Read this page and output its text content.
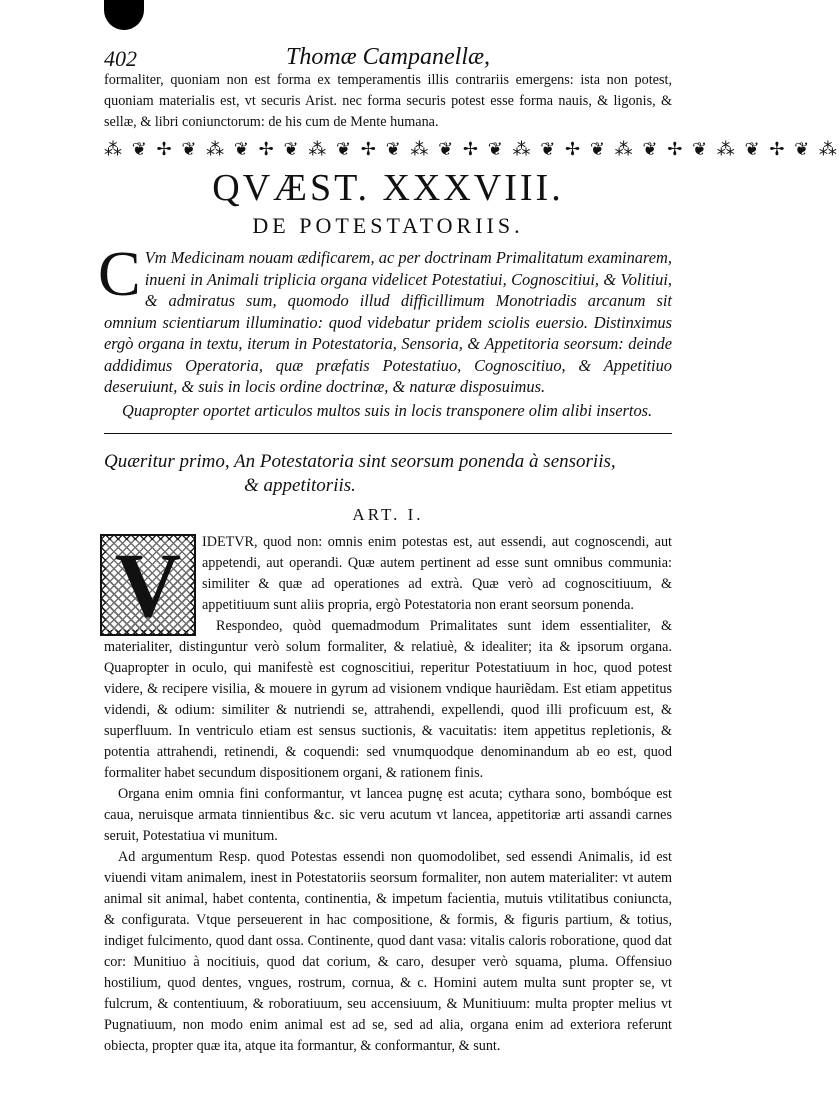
402	Thomæ Campanellæ,
formaliter, quoniam non est forma ex temperamentis illis contrariis emergens: ista non potest, quoniam materialis est, vt securis Arist. nec forma securis potest esse forma nauis, & ligonis, & sellæ, & libri coniunctorum: de his cum de Mente humana.
⁂ ❦ ✢ ❦ ⁂ ❦ ✢ ❦ ⁂ ❦ ✢ ❦ ⁂ ❦ ✢ ❦ ⁂ ❦ ✢ ❦ ⁂ ❦ ✢ ❦ ⁂ ❦ ✢ ❦ ⁂
QVÆST. XXXVIII.
DE POTESTATORIIS.
C Vm Medicinam nouam ædificarem, ac per doctrinam Primalitatum examinarem, inueni in Animali triplicia organa videlicet Potestatiui, Cognoscitiui, & Volitiui, & admiratus sum, quomodo illud difficillimum Monotriadis arcanum sit omnium scientiarum illuminatio: quod videbatur pridem sciolis euersio. Distinximus ergò organa in textu, iterum in Potestatoria, Sensoria, & Appetitoria seorsum: deinde addidimus Operatoria, quæ præfatis Potestatiuo, Cognoscitiuo, & Appetitiuo deseruiunt, & suis in locis ordine doctrinæ, & naturæ disposuimus.

Quapropter oportet articulos multos suis in locis transponere olim alibi insertos.

Quæritur primo, An Potestatoria sint seorsum ponenda à sensoriis,
& appetitoriis.
ART. I.
V	IDETVR, quod non: omnis enim potestas est, aut essendi, aut cognoscendi, aut appetendi, aut operandi. Quæ autem pertinent ad esse sunt omnibus communia: similiter & quæ ad operationes ad extrà. Quæ verò ad cognoscitiuum, & appetitiuum sunt aliis propria, ergò Potestatoria non erant seorsum ponenda.

Respondeo, quòd quemadmodum Primalitates sunt idem essentialiter, & materialiter, distinguntur verò solum formaliter, & relatiuè, & idealiter; ita & ipsorum organa. Quapropter in oculo, qui manifestè est cognoscitiui, reperitur Potestatiuum in hoc, quod potest videre, & recipere visilia, & mouere in gyrum ad visionem vndique hauriẽdam. Est etiam appetitus videndi, & odium: similiter & nutriendi se, attrahendi, expellendi, quod illi proficuum est, & superfluum. In ventriculo etiam est sensus suctionis, & vacuitatis: item appetitus repletionis, & potentia attrahendi, retinendi, & coquendi: sed vnumquodque denominandum ab eo est, quod formaliter habet secundum dispositionem organi, & rationem finis.

Organa enim omnia fini conformantur, vt lancea pugnę est acuta; cythara sono, bombóque est caua, neruisque armata tinnientibus &c. sic veru acutum vt lancea, appetitoriæ arti assandi carnes seruit, Potestatiua vi munitum.

Ad argumentum Resp. quod Potestas essendi non quomodolibet, sed essendi Animalis, id est viuendi vitam animalem, inest in Potestatoriis seorsum formaliter, non autem materialiter: vt autem animal sit animal, habet contenta, continentia, & impetum facientia, mutuis vtilitatibus coniuncta, & configurata. Vtque perseuerent in hac compositione, & formis, & figuris partium, & totius, indiget fulcimento, quod dant ossa. Continente, quod dant vasa: vitalis caloris roboratione, quod dat cor: Munitiuo à nocitiuis, quod dat corium, & caro, desuper verò squama, pluma. Offensiuo hostilium, quod dentes, vngues, rostrum, cornua, & c. Homini autem multa sunt propter se, vt fulcrum, & contentiuum, & roboratiuum, seu accensiuum, & Munitiuum: multa propter melius vt Pugnatiuum, non modo enim animal est ad se, sed ad alia, organa enim ad exteriora referunt obiecta, propter quæ ita, atque ita formantur, & conformantur, & sunt.
